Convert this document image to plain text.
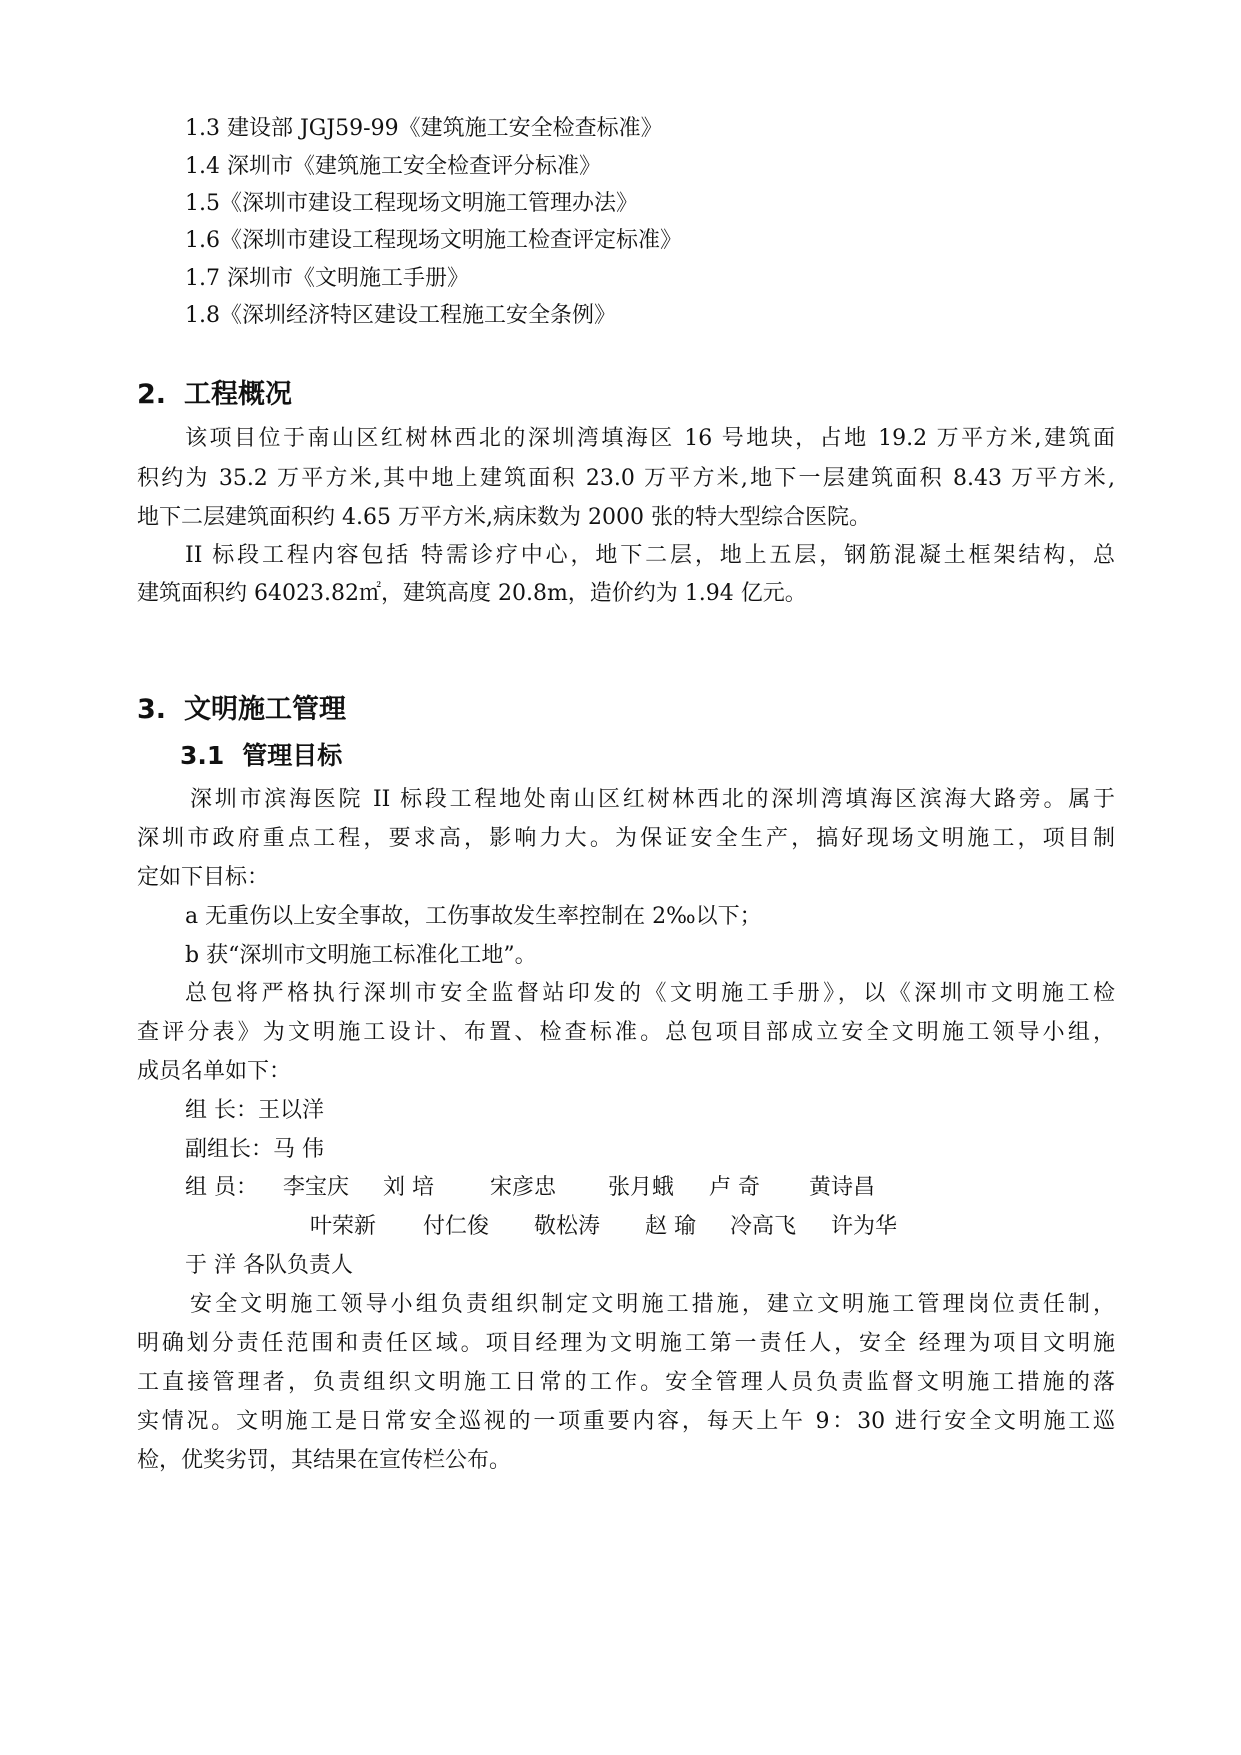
1.3 建设部 JGJ59-99《建筑施工安全检查标准》
1.4 深圳市《建筑施工安全检查评分标准》
1.5《深圳市建设工程现场文明施工管理办法》
1.6《深圳市建设工程现场文明施工检查评定标准》
1.7 深圳市《文明施工手册》
1.8《深圳经济特区建设工程施工安全条例》
2. 工程概况
该项目位于南山区红树林西北的深圳湾填海区 16 号地块，占地 19.2 万平方米,建筑面
积约为 35.2 万平方米,其中地上建筑面积 23.0 万平方米,地下一层建筑面积 8.43 万平方米,
地下二层建筑面积约 4.65 万平方米,病床数为 2000 张的特大型综合医院。
II 标段工程内容包括 特需诊疗中心，地下二层，地上五层，钢筋混凝土框架结构，总
建筑面积约 64023.82㎡，建筑高度 20.8m，造价约为 1.94 亿元。
3. 文明施工管理
3.1 管理目标
深圳市滨海医院 II 标段工程地处南山区红树林西北的深圳湾填海区滨海大路旁。属于
深圳市政府重点工程，要求高，影响力大。为保证安全生产，搞好现场文明施工，项目制
定如下目标：
a 无重伤以上安全事故，工伤事故发生率控制在 2‰以下；
b 获“深圳市文明施工标准化工地”。
总包将严格执行深圳市安全监督站印发的《文明施工手册》，以《深圳市文明施工检
查评分表》为文明施工设计、布置、检查标准。总包项目部成立安全文明施工领导小组，
成员名单如下：
组 长：王以洋
副组长：马 伟
组 员： 李宝庆 刘 培	宋彦忠 张月蛾 卢 奇 黄诗昌
叶荣新 付仁俊 敬松涛 赵 瑜 冷高飞 许为华
于 洋 各队负责人
安全文明施工领导小组负责组织制定文明施工措施，建立文明施工管理岗位责任制，
明确划分责任范围和责任区域。项目经理为文明施工第一责任人，安全 经理为项目文明施
工直接管理者，负责组织文明施工日常的工作。安全管理人员负责监督文明施工措施的落
实情况。文明施工是日常安全巡视的一项重要内容，每天上午 9：30 进行安全文明施工巡
检，优奖劣罚，其结果在宣传栏公布。
